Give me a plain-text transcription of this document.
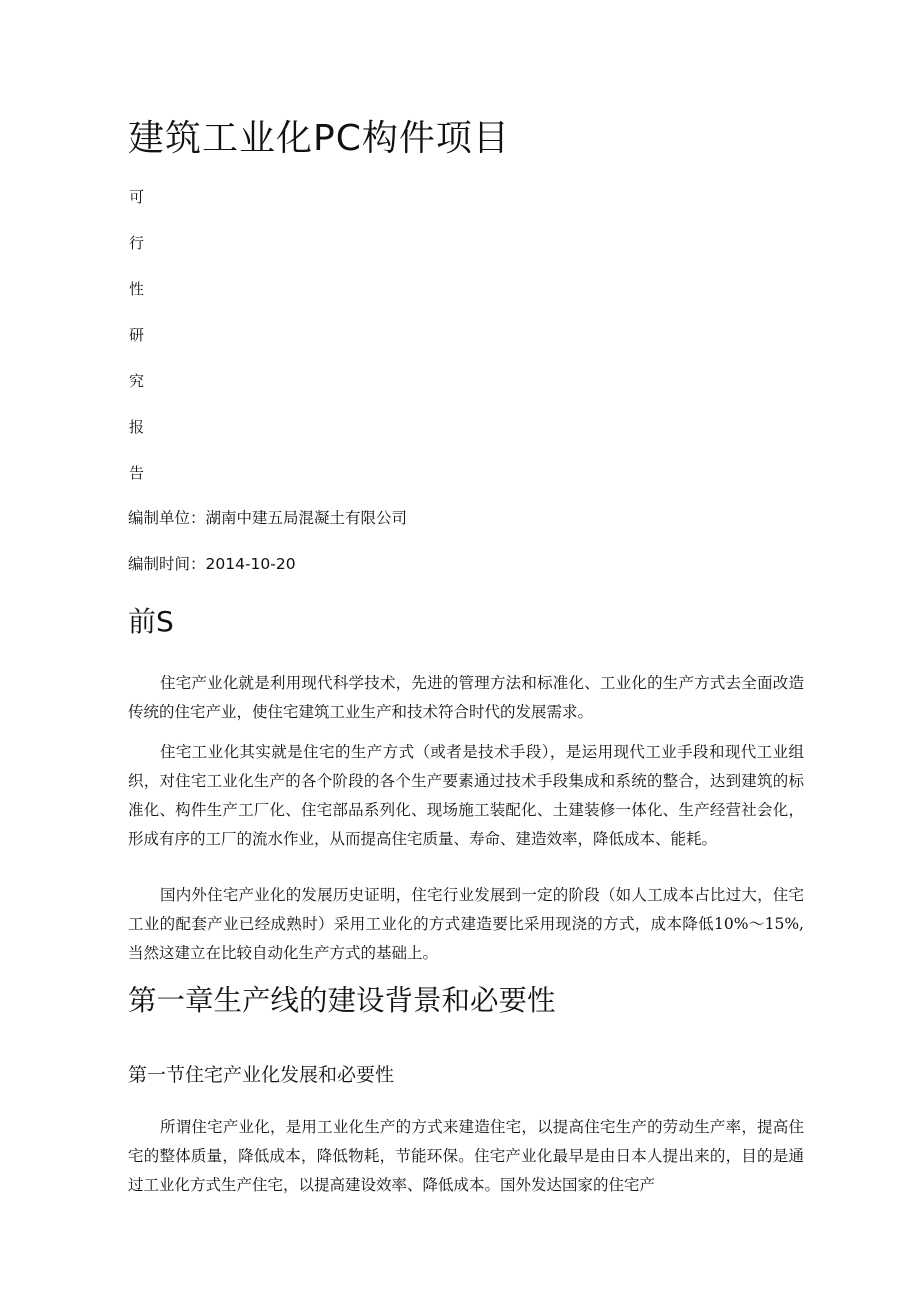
建筑工业化PC构件项目
可
行
性
研
究
报
告
编制单位：湖南中建五局混凝土有限公司
编制时间：2014-10-20
前S

住宅产业化就是利用现代科学技术，先进的管理方法和标准化、工业化的生产方式去全面改造传统的住宅产业，使住宅建筑工业生产和技术符合时代的发展需求。

住宅工业化其实就是住宅的生产方式（或者是技术手段），是运用现代工业手段和现代工业组织，对住宅工业化生产的各个阶段的各个生产要素通过技术手段集成和系统的整合，达到建筑的标准化、构件生产工厂化、住宅部品系列化、现场施工装配化、土建装修一体化、生产经营社会化，形成有序的工厂的流水作业，从而提高住宅质量、寿命、建造效率，降低成本、能耗。

国内外住宅产业化的发展历史证明，住宅行业发展到一定的阶段（如人工成本占比过大，住宅工业的配套产业已经成熟时）采用工业化的方式建造要比采用现浇的方式，成本降低10%～15%,当然这建立在比较自动化生产方式的基础上。

第一章生产线的建设背景和必要性
第一节住宅产业化发展和必要性

所谓住宅产业化，是用工业化生产的方式来建造住宅，以提高住宅生产的劳动生产率，提高住宅的整体质量，降低成本，降低物耗，节能环保。住宅产业化最早是由日本人提出来的，目的是通过工业化方式生产住宅，以提高建设效率、降低成本。国外发达国家的住宅产
